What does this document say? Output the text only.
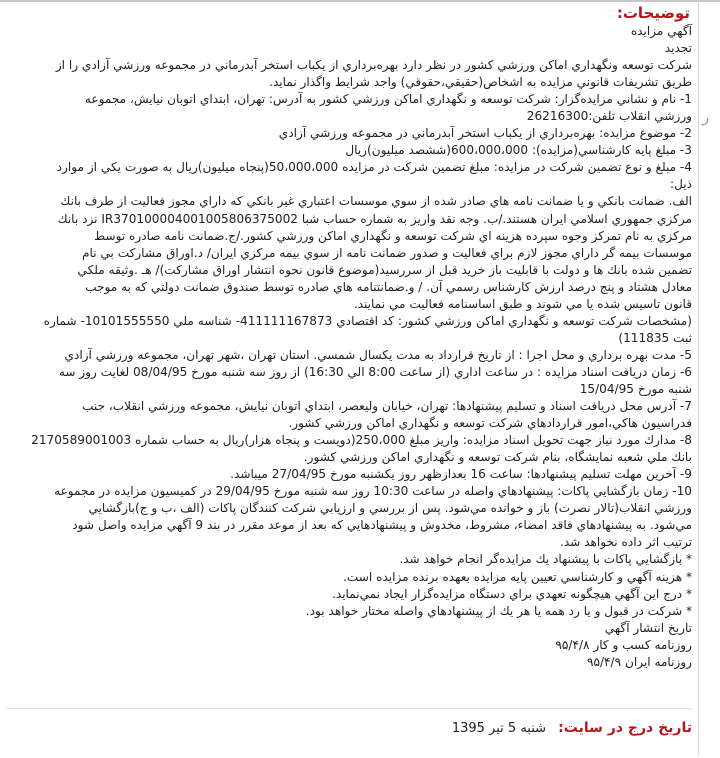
ر
توضیحات:
آگهي مزايده
تجديد
شركت توسعه ونگهداري اماكن ورزشي كشور در نظر دارد بهره‌برداري از يكباب استخر آبدرماني در مجموعه ورزشي آزادي را از
طريق تشريفات قانوني مزايده به اشخاص(حقيقي،حقوقي) واجد شرايط واگذار نمايد.
1- نام و نشاني مزايده‌گزار: شركت توسعه و نگهداري اماكن ورزشي كشور به آدرس: تهران، ابتداي اتوبان نيايش، مجموعه
ورزشي انقلاب تلفن:26216300
2- موضوع مزايده: بهره‌برداري از يكباب استخر آبدرماني در مجموعه ورزشي آزادي
3- مبلغ پايه كارشناسي(مزايده): 600،000،000(ششصد ميليون)ريال
4- مبلغ و نوع تضمين شركت در مزايده: مبلغ تضمين شركت در مزايده 50،000،000(پنجاه ميليون)ريال به صورت يكي از موارد
ذيل:
الف. ضمانت بانكي و يا ضمانت نامه هاي صادر شده از سوي موسسات اعتباري غير بانكي كه داراي مجوز فعاليت از طرف بانك
مركزي جمهوري اسلامي ايران هستند./ب. وجه نقد واريز به شماره حساب شبا IR370100004001005806375002 نزد بانك
مركزي به نام تمركز وجوه سپرده هزينه اي شركت توسعه و نگهداري اماكن ورزشي كشور./ج.ضمانت نامه صادره توسط
موسسات بيمه گر داراي مجوز لازم براي فعاليت و صدور ضمانت نامه از سوي بيمه مركزي ايران/ د.اوراق مشاركت بي نام
تضمين شده بانك ها و دولت با قابليت باز خريد قبل از سررسيد(موضوع قانون نحوه انتشار اوراق مشاركت)/ هـ .وثيقه ملكي
معادل هشتاد و پنج درصد ارزش كارشناس رسمي آن. / و.ضمانتنامه هاي صادره توسط صندوق ضمانت دولتي كه به موجب
قانون تاسيس شده يا مي شوند و طبق اساسنامه فعاليت مي نمايند.
(مشخصات شركت توسعه و نگهداري اماكن ورزشي كشور: كد اقتصادي 411111167873- شناسه ملي 10101555550- شماره
ثبت 111835)
5- مدت بهره برداري و محل اجرا : از تاريخ قرارداد به مدت يكسال شمسي. استان تهران ،شهر تهران، مجموعه ورزشي آزادي
6- زمان دريافت اسناد مزايده : در ساعت اداري (از ساعت 8:00 الي 16:30) از روز سه شنبه مورخ 08/04/95 لغايت روز سه
شنبه مورخ 15/04/95
7- آدرس محل دريافت اسناد و تسليم پيشنهادها: تهران، خيابان وليعصر، ابتداي اتوبان نيايش، مجموعه ورزشي انقلاب، جنب
فدراسيون هاكي،امور قراردادهاي شركت توسعه و نگهداري اماكن ورزشي كشور.
8- مدارك مورد نياز جهت تحويل اسناد مزايده: واريز مبلغ 250،000(دويست و پنجاه هزار)ريال به حساب شماره 2170589001003
بانك ملي شعبه نمايشگاه، بنام شركت توسعه و نگهداري اماكن ورزشي كشور.
9- آخرين مهلت تسليم پيشنهادها: ساعت 16 بعدازظهر روز يكشنبه مورخ 27/04/95 ميباشد.
10- زمان بازگشايي پاكات: پيشنهادهاي واصله در ساعت 10:30 روز سه شنبه مورخ 29/04/95 در كميسيون مزايده در مجموعه
ورزشي انقلاب(تالار نصرت) باز و خوانده مي‌شود. پس از بررسي و ارزيابي شركت كنندگان پاكات (الف ،ب و ج)بازگشايي
مي‌شود. به پيشنهادهاي فاقد امضاء، مشروط، مخدوش و پيشنهادهايي كه بعد از موعد مقرر در بند 9 آگهي مزايده واصل شود
ترتيب اثر داده نخواهد شد.
* بازگشايي پاكات با پيشنهاد يك مزايده‌گر انجام خواهد شد.
* هزينه آگهي و كارشناسي تعيين پايه مزايده بعهده برنده مزايده است.
* درج اين آگهي هيچگونه تعهدي براي دستگاه مزايده‌گزار ايجاد نمي‌نمايد.
* شركت در قبول و يا رد همه يا هر يك از پيشنهادهاي واصله مختار خواهد بود.
تاريخ انتشار آگهي
روزنامه كسب و كار ۹۵/۴/۸
روزنامه ايران ۹۵/۴/۹
تاریخ درج در سایت: شنبه 5 تیر 1395
